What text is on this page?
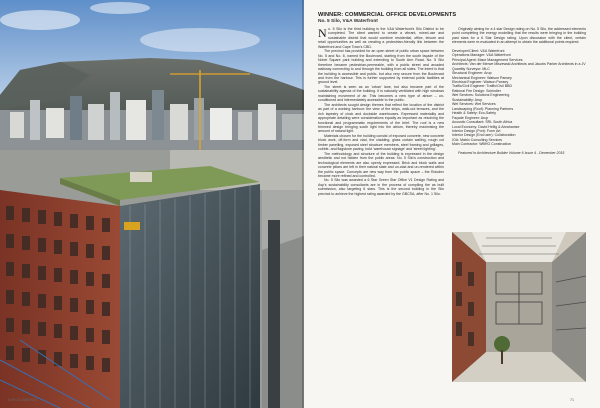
WINNER: COMMERCIAL OFFICE DEVELOPMENTS
No. 5 Silo, V&A Waterfront

No. 5 Silo is the third building in the V&A Waterfront's Silo District to be completed. The client wanted to create a vibrant, mixed-use and sustainable district that would combine residential, office, leisure and retail opportunities as well as creating a pedestrian-friendly link between the Waterfront and Cape Town's CBD.

The precinct has provided for an open street of public urban space between No. 5 and No. 6, named the Boulevard, starting from the south façade of the Nobel Square park building and extending to South Arm Road. No. 5 Silo therefore became pedestrian-permeable, with a public street and arcaded walkway connecting to and through the building from all sides. The intent is that the building is accessible and public, but also very secure from the Boulevard and from the harbour. This is further supported by external public facilities at ground level.

The street is seen as an 'urban' lane, but also became part of the sustainability agenda of the building. It is naturally ventilated with high windows maintaining movement of air. This becomes a new type of atrium – un-conditioned and intermediately accessible to the public.

The architects sought design themes that reflect the location of the district as part of a working harbour: the view of the ships, walk-out terraces, and the rich tapestry of clock and dockside warehouses. Expressed materiality and appropriate detailing were considerations equally as important as resolving the functional and programmatic requirements of the brief. The roof is a new trimmed design bringing south light into the atrium, thereby maximising the amount of natural light.

Materials chosen for the building consist of exposed concrete, new concrete block work, off-form and clad, the cladding, glass curtain walling, rough cut timber panelling, exposed steel structure members, steel framing and grillages, cobble- and flagstone paving, bold 'warehouse signage' and 'street lighting'.

The methodology and structure of the building is expressed in the design aesthetic and not hidden from the public areas. No. 5 Silo's construction and technological elements are also openly expressed. Brick and block walls and concrete pillars are left in their natural state and un-clad and un-rendered within the public space. Concepts are new way from the public space – the Rolodex became more refined and controlled.

No. 5 Silo was awarded a 6 Star Green Star Office V1 Design Rating and Asp's sustainability consultants are in the process of compiling the as built submission, also targeting 6 stars. This is the second building in the Silo precinct to achieve the highest rating awarded by the GBCSA, after No. 1 Silo.

Originally aiming for a 4 star Design rating on No. 5 Silo, the addressed elements point completing the energy modelling that the results were bringing in the building past stars for a 6 Star Design rating. Upon discussion with the client, certain elements were re-evaluated in an attempt to obtain the additional points required.

Developer/Client: V&A Waterfront
Operations Manager: V&A Waterfront
Principal Agent: Mace Management Services
Architects: Van der Merwe Miszewski Architects and Jacobs Parker Architects in a JV
Quantity Surveyor: MLC
Structural Engineer: Arup
Mechanical Engineer: Watson Pansey
Electrical Engineer: Watson Pansey
Traffic/Civil Engineer: Traffic/Civil BBD
Rational Fire Design: Schindler
Wet Services: Solutions Engineering
Sustainability: Arup
Wet Services: Wet Services
Landscaping (Roof): Planning Partners
Health & Safety: Eco-Safety
Façade Engineer: Arup
Acoustic Consultant: SRL South Africa
Local Economy: David Hellig & Abrahamse
Interior Design (Port): Form Art
Interior Design (End user): Collaboration
IOA: Matrix Consulting Services
Main Contractor: WBHO Construction

Featured in Architecture Builder Volume 6 Issue 4 - December 2015

SAPOA AWARDS	71
